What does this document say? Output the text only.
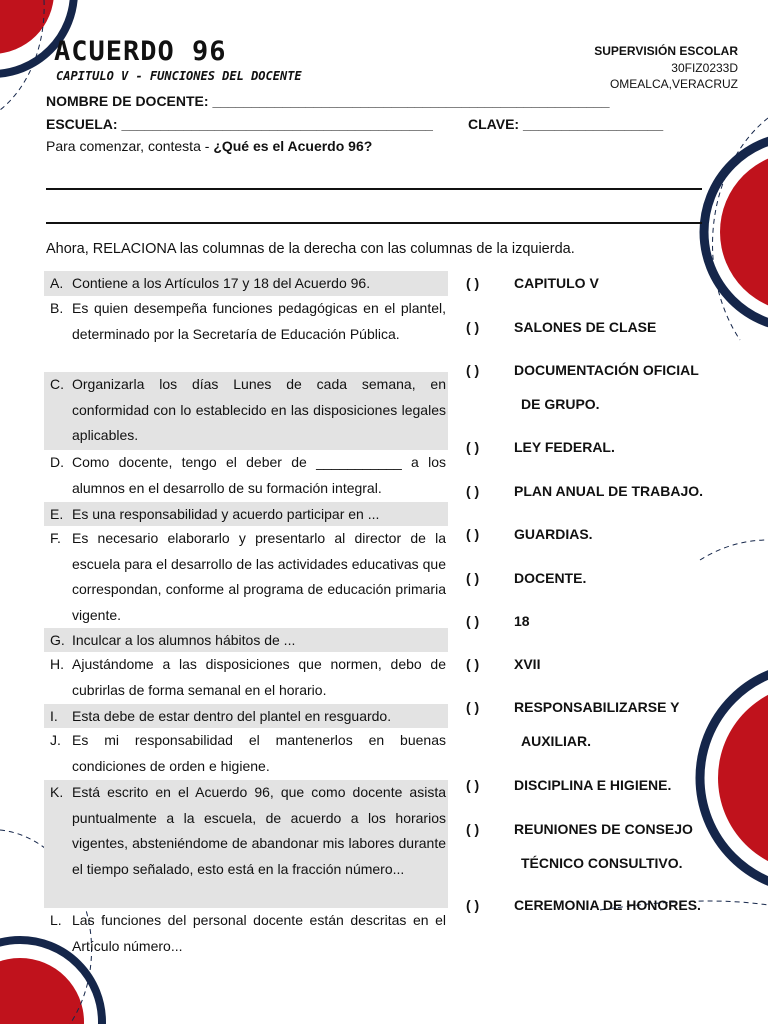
ACUERDO 96
CAPITULO V - FUNCIONES DEL DOCENTE
SUPERVISIÓN ESCOLAR
30FIZ0233D
OMEALCA,VERACRUZ
NOMBRE DE DOCENTE: ___________________________________________________
ESCUELA: ________________________________________	CLAVE: __________________
Para comenzar, contesta - ¿Qué es el Acuerdo 96?
Ahora, RELACIONA las columnas de la derecha con las columnas de la izquierda.
A. Contiene a los Artículos 17 y 18 del Acuerdo 96.
B. Es quien desempeña funciones pedagógicas en el plantel, determinado por la Secretaría de Educación Pública.
C. Organizarla los días Lunes de cada semana, en conformidad con lo establecido en las disposiciones legales aplicables.
D. Como docente, tengo el deber de ___________ a los alumnos en el desarrollo de su formación integral.
E. Es una responsabilidad y acuerdo participar en ...
F. Es necesario elaborarlo y presentarlo al director de la escuela para el desarrollo de las actividades educativas que correspondan, conforme al programa de educación primaria vigente.
G. Inculcar a los alumnos hábitos de ...
H. Ajustándome a las disposiciones que normen, debo de cubrirlas de forma semanal en el horario.
I. Esta debe de estar dentro del plantel en resguardo.
J. Es mi responsabilidad el mantenerlos en buenas condiciones de orden e higiene.
K. Está escrito en el Acuerdo 96, que como docente asista puntualmente a la escuela, de acuerdo a los horarios vigentes, absteniéndome de abandonar mis labores durante el tiempo señalado, esto está en la fracción número...
L. Las funciones del personal docente están descritas en el Artículo número...
( ) CAPITULO V
( ) SALONES DE CLASE
( ) DOCUMENTACIÓN OFICIAL
DE GRUPO.
( ) LEY FEDERAL.
( ) PLAN ANUAL DE TRABAJO.
( ) GUARDIAS.
( ) DOCENTE.
( ) 18
( ) XVII
( ) RESPONSABILIZARSE Y
AUXILIAR.
( ) DISCIPLINA E HIGIENE.
( ) REUNIONES DE CONSEJO
TÉCNICO CONSULTIVO.
( ) CEREMONIA DE HONORES.
